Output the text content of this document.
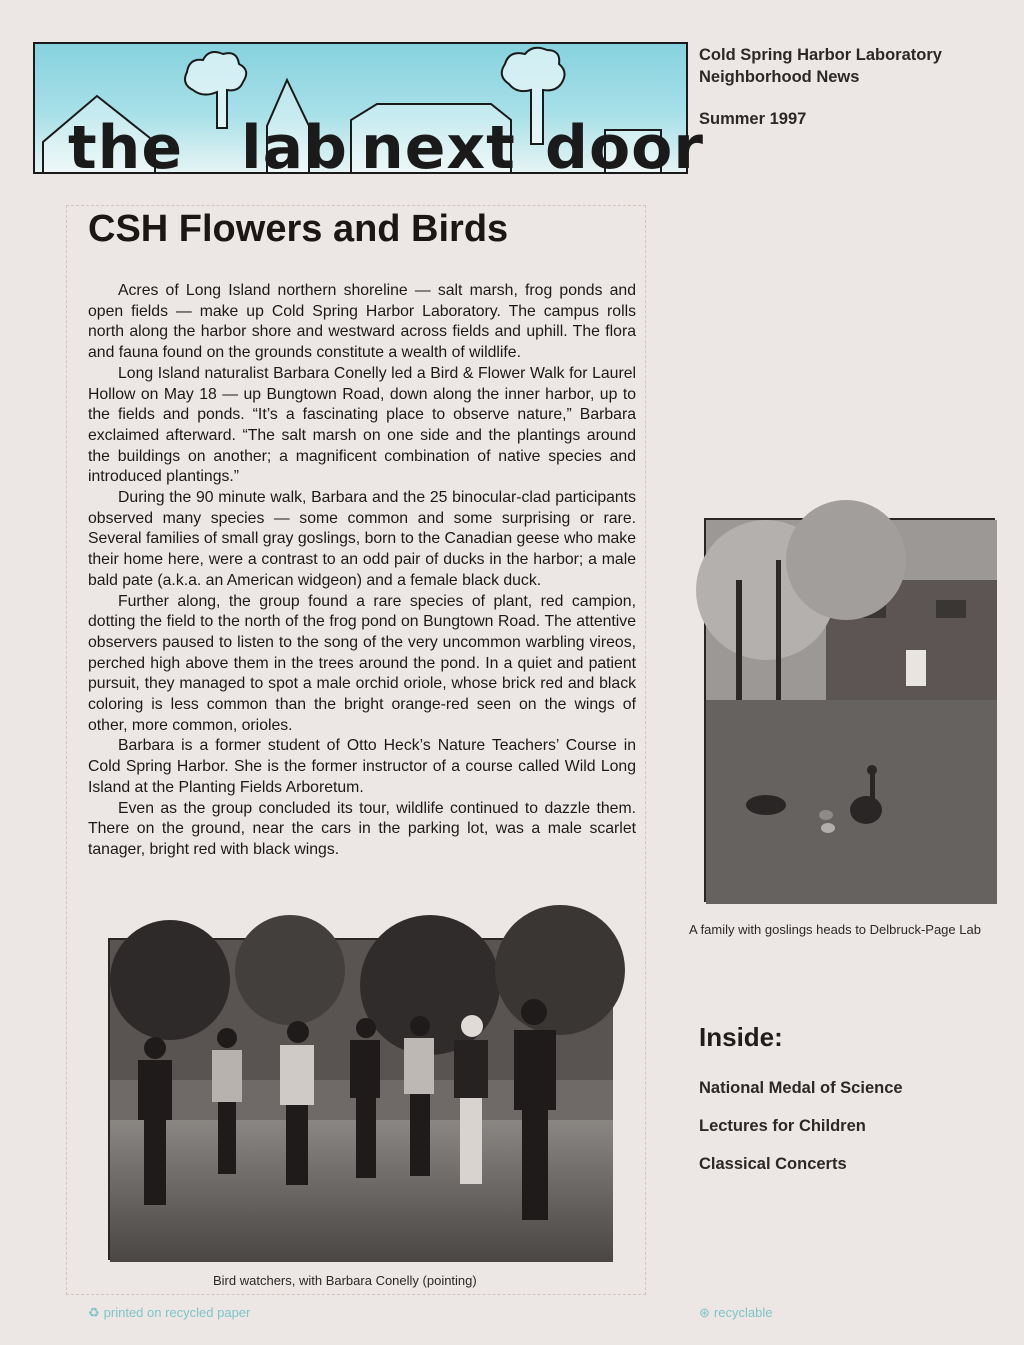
the lab next door
Cold Spring Harbor Laboratory
Neighborhood News
Summer 1997
CSH Flowers and Birds

Acres of Long Island northern shoreline — salt marsh, frog ponds and open fields — make up Cold Spring Harbor Laboratory. The campus rolls north along the harbor shore and westward across fields and uphill. The flora and fauna found on the grounds constitute a wealth of wildlife.

Long Island naturalist Barbara Conelly led a Bird & Flower Walk for Laurel Hollow on May 18 — up Bungtown Road, down along the inner harbor, up to the fields and ponds. “It’s a fascinating place to observe nature,” Barbara exclaimed afterward. “The salt marsh on one side and the plantings around the buildings on another; a magnificent combination of native species and introduced plantings.”

During the 90 minute walk, Barbara and the 25 binocular-clad participants observed many species — some common and some surprising or rare. Several families of small gray goslings, born to the Canadian geese who make their home here, were a contrast to an odd pair of ducks in the harbor; a male bald pate (a.k.a. an American widgeon) and a female black duck.

Further along, the group found a rare species of plant, red campion, dotting the field to the north of the frog pond on Bungtown Road. The attentive observers paused to listen to the song of the very uncommon warbling vireos, perched high above them in the trees around the pond. In a quiet and patient pursuit, they managed to spot a male orchid oriole, whose brick red and black coloring is less common than the bright orange-red seen on the wings of other, more common, orioles.

Barbara is a former student of Otto Heck’s Nature Teachers’ Course in Cold Spring Harbor. She is the former instructor of a course called Wild Long Island at the Planting Fields Arboretum.

Even as the group concluded its tour, wildlife continued to dazzle them. There on the ground, near the cars in the parking lot, was a male scarlet tanager, bright red with black wings.

Bird watchers, with Barbara Conelly (pointing)
A family with goslings heads to Delbruck-Page Lab
Inside:
National Medal of Science
Lectures for Children
Classical Concerts
♻ printed on recycled paper	⊛ recyclable
